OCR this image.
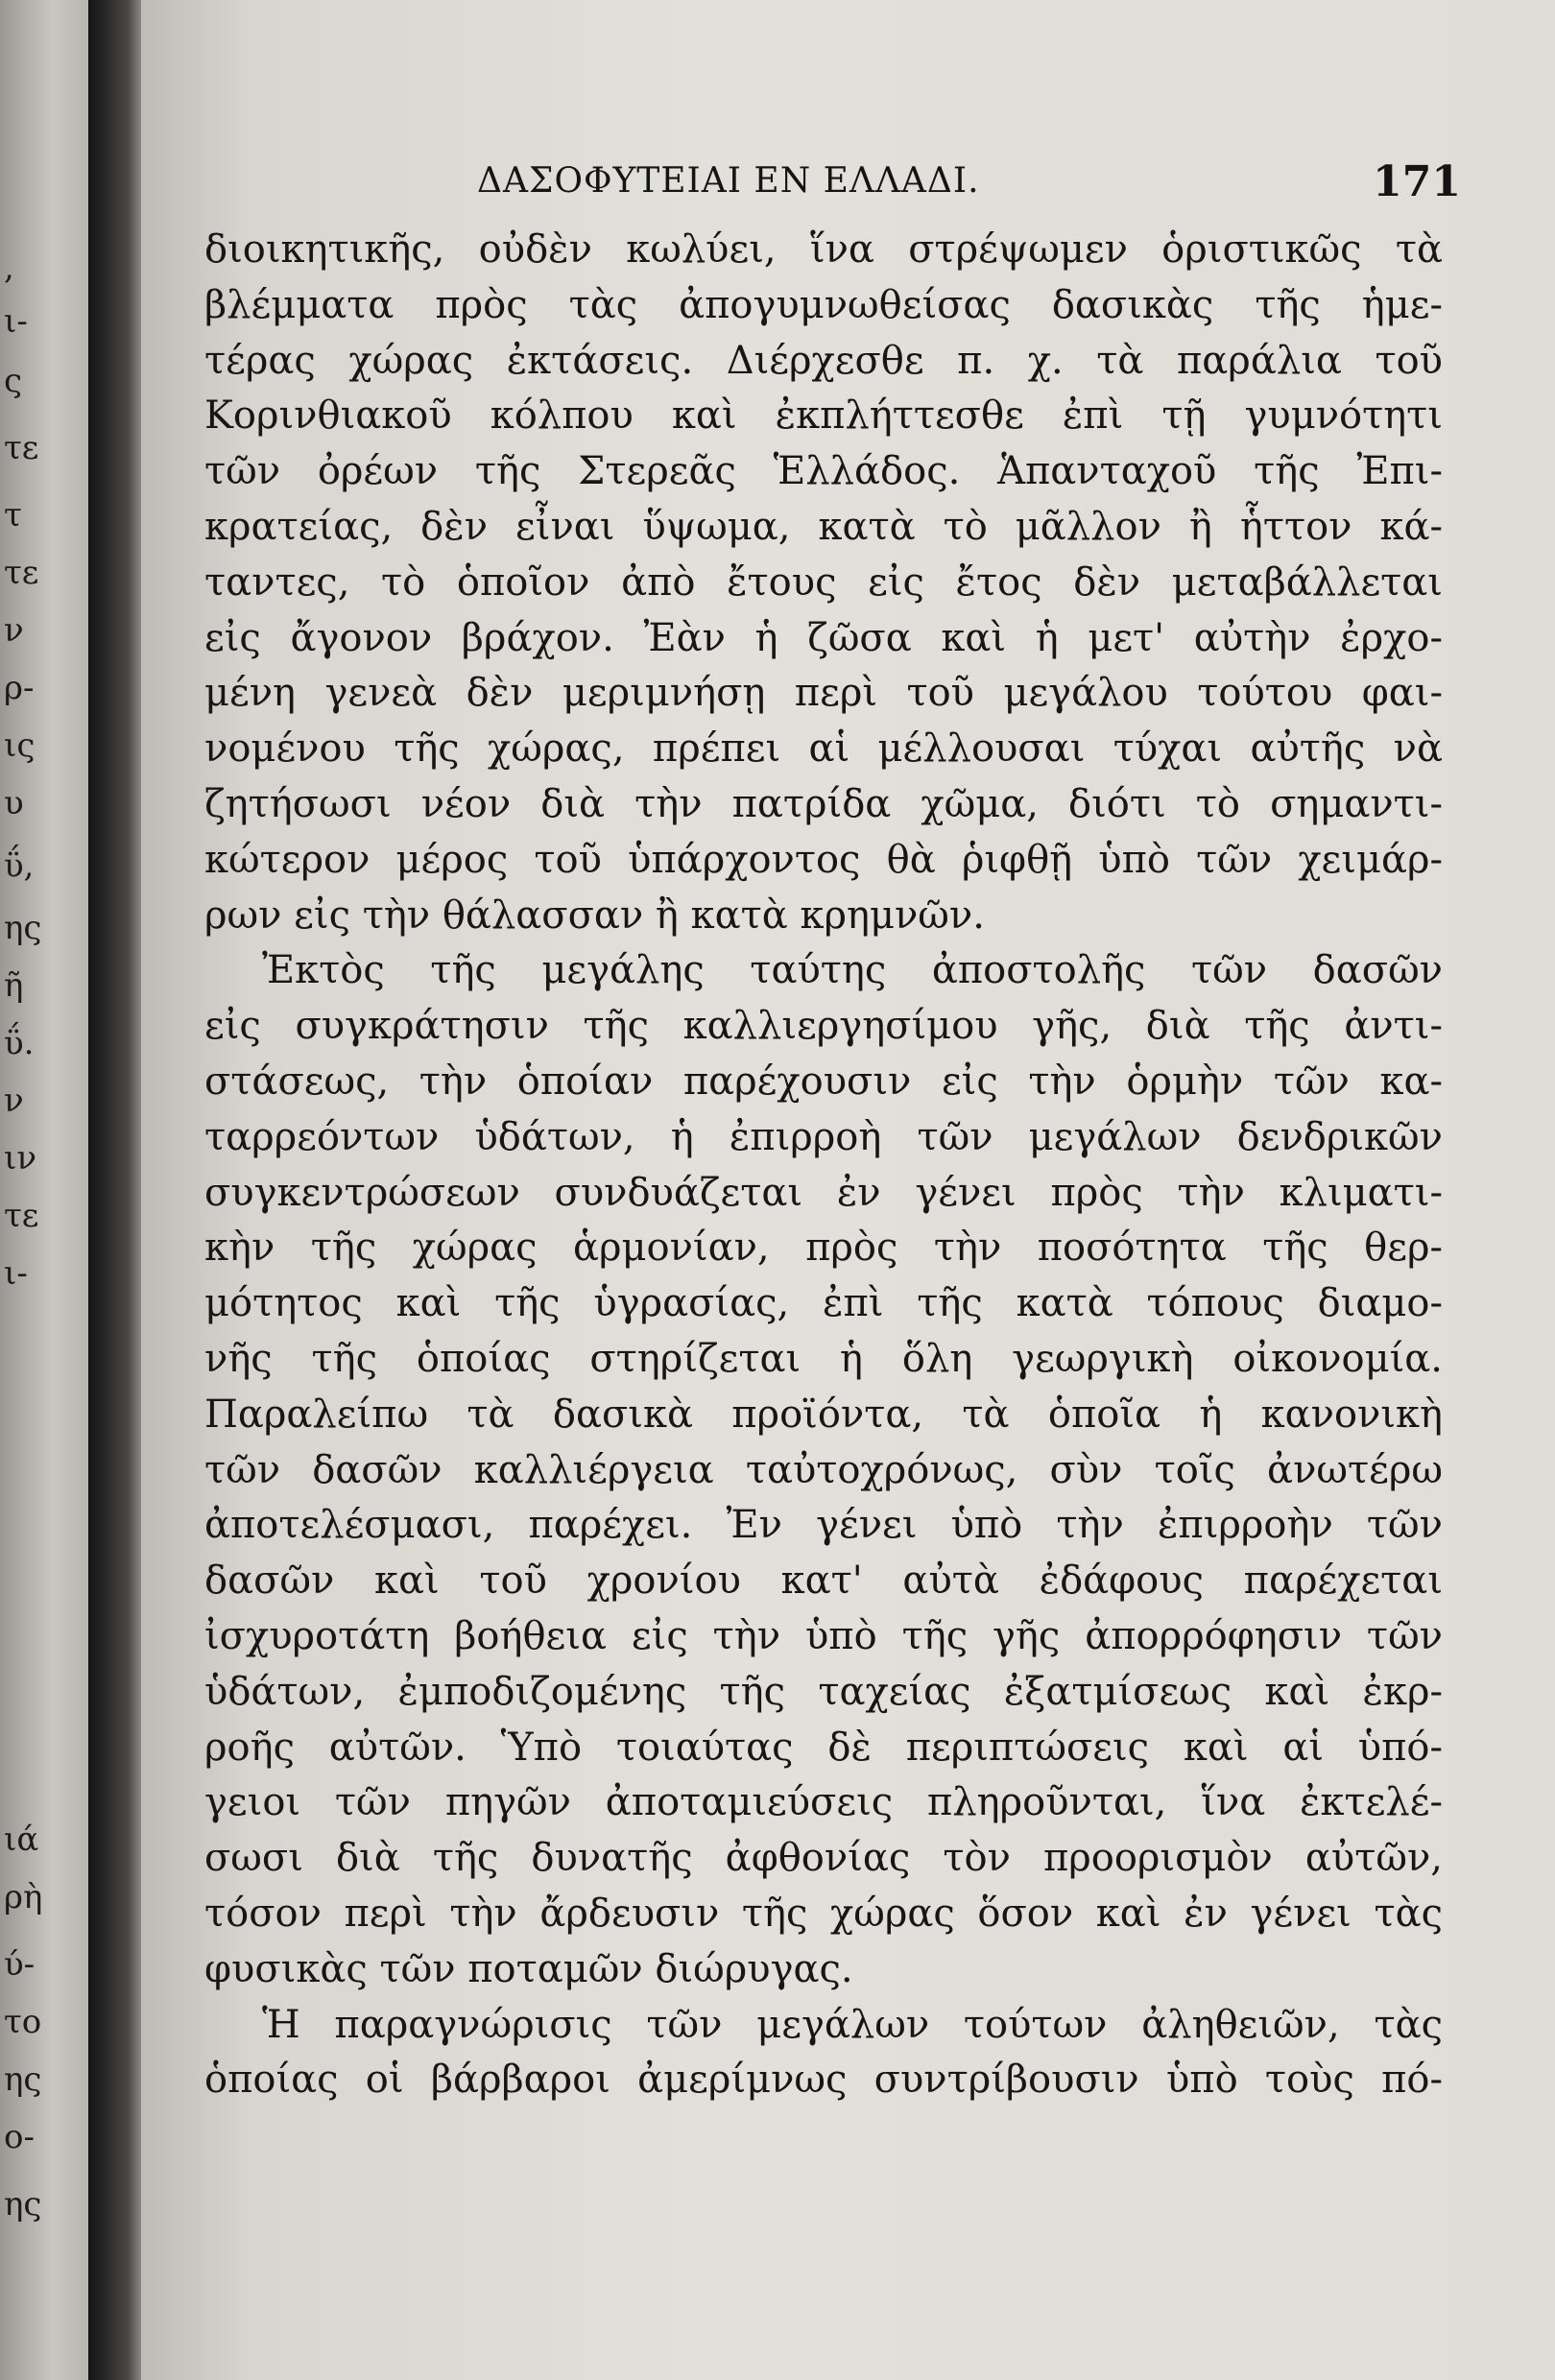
,
ι-
ς
τε
τ
τε
ν
ρ-
ις
υ
ΰ,
ης
ῆ
ΰ.
ν
ιν
τε
ι-
ιά
ρὴ
ύ-
το
ης
ο-
ης
ΔΑΣΟΦΥΤΕΙΑΙ ΕΝ ΕΛΛΑΔΙ.	171
διοικητικῆς, οὐδὲν κωλύει, ἵνα στρέψωμεν ὁριστικῶς τὰ
βλέμματα πρὸς τὰς ἀπογυμνωθείσας δασικὰς τῆς ἡμε-
τέρας χώρας ἐκτάσεις. Διέρχεσθε π. χ. τὰ παράλια τοῦ
Κορινθιακοῦ κόλπου καὶ ἐκπλήττεσθε ἐπὶ τῇ γυμνότητι
τῶν ὀρέων τῆς Στερεᾶς Ἑλλάδος. Ἁπανταχοῦ τῆς Ἐπι-
κρατείας, δὲν εἶναι ὕψωμα, κατὰ τὸ μᾶλλον ἢ ἧττον κά-
ταντες, τὸ ὁποῖον ἀπὸ ἔτους εἰς ἔτος δὲν μεταβάλλεται
εἰς ἄγονον βράχον. Ἐὰν ἡ ζῶσα καὶ ἡ μετ' αὐτὴν ἐρχο-
μένη γενεὰ δὲν μεριμνήσῃ περὶ τοῦ μεγάλου τούτου φαι-
νομένου τῆς χώρας, πρέπει αἱ μέλλουσαι τύχαι αὐτῆς νὰ
ζητήσωσι νέον διὰ τὴν πατρίδα χῶμα, διότι τὸ σημαντι-
κώτερον μέρος τοῦ ὑπάρχοντος θὰ ῥιφθῇ ὑπὸ τῶν χειμάρ-
ρων εἰς τὴν θάλασσαν ἢ κατὰ κρημνῶν.
Ἐκτὸς τῆς μεγάλης ταύτης ἀποστολῆς τῶν δασῶν
εἰς συγκράτησιν τῆς καλλιεργησίμου γῆς, διὰ τῆς ἀντι-
στάσεως, τὴν ὁποίαν παρέχουσιν εἰς τὴν ὁρμὴν τῶν κα-
ταρρεόντων ὑδάτων, ἡ ἐπιρροὴ τῶν μεγάλων δενδρικῶν
συγκεντρώσεων συνδυάζεται ἐν γένει πρὸς τὴν κλιματι-
κὴν τῆς χώρας ἁρμονίαν, πρὸς τὴν ποσότητα τῆς θερ-
μότητος καὶ τῆς ὑγρασίας, ἐπὶ τῆς κατὰ τόπους διαμο-
νῆς τῆς ὁποίας στηρίζεται ἡ ὅλη γεωργικὴ οἰκονομία.
Παραλείπω τὰ δασικὰ προϊόντα, τὰ ὁποῖα ἡ κανονικὴ
τῶν δασῶν καλλιέργεια ταὐτοχρόνως, σὺν τοῖς ἀνωτέρω
ἀποτελέσμασι, παρέχει. Ἐν γένει ὑπὸ τὴν ἐπιρροὴν τῶν
δασῶν καὶ τοῦ χρονίου κατ' αὐτὰ ἐδάφους παρέχεται
ἰσχυροτάτη βοήθεια εἰς τὴν ὑπὸ τῆς γῆς ἀπορρόφησιν τῶν
ὑδάτων, ἐμποδιζομένης τῆς ταχείας ἐξατμίσεως καὶ ἐκρ-
ροῆς αὐτῶν. Ὑπὸ τοιαύτας δὲ περιπτώσεις καὶ αἱ ὑπό-
γειοι τῶν πηγῶν ἀποταμιεύσεις πληροῦνται, ἵνα ἐκτελέ-
σωσι διὰ τῆς δυνατῆς ἀφθονίας τὸν προορισμὸν αὐτῶν,
τόσον περὶ τὴν ἄρδευσιν τῆς χώρας ὅσον καὶ ἐν γένει τὰς
φυσικὰς τῶν ποταμῶν διώρυγας.
Ἡ παραγνώρισις τῶν μεγάλων τούτων ἀληθειῶν, τὰς
ὁποίας οἱ βάρβαροι ἀμερίμνως συντρίβουσιν ὑπὸ τοὺς πό-
